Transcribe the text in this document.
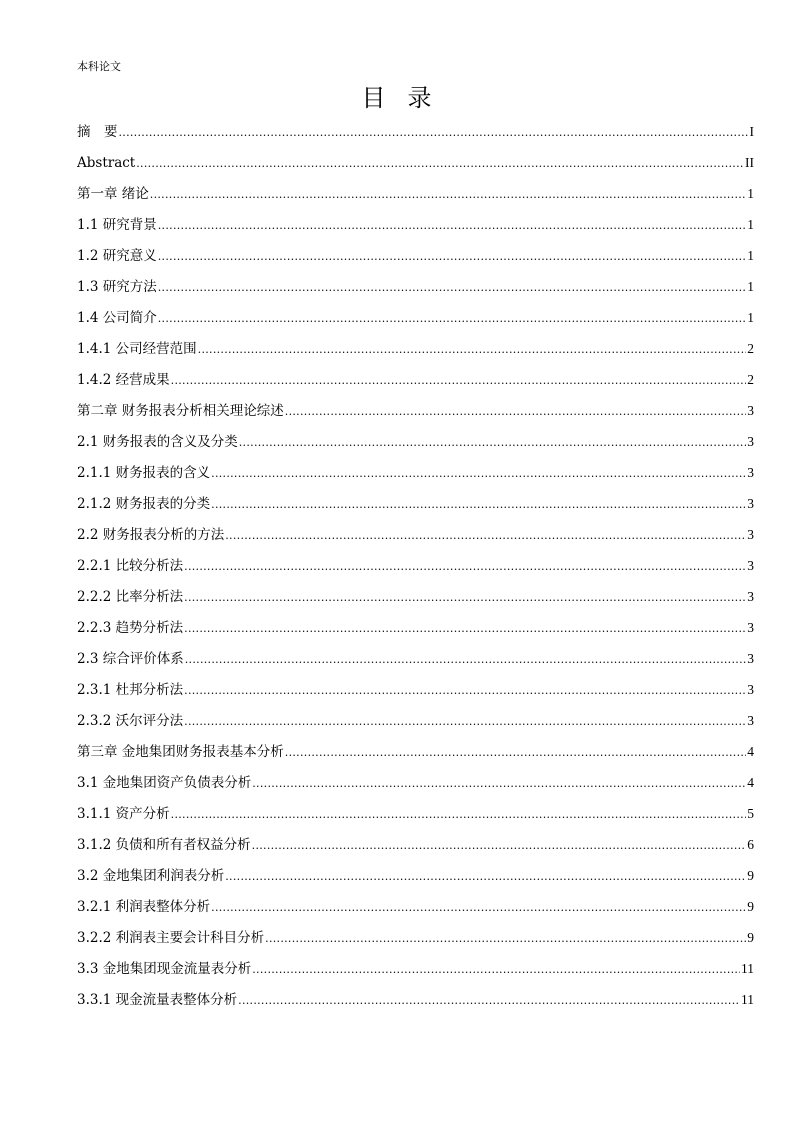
本科论文
目录
摘　要 .....	I
Abstract .....	II
第一章 绪论 .....	1
1.1 研究背景 .....	1
1.2 研究意义 .....	1
1.3 研究方法 .....	1
1.4 公司简介 .....	1
1.4.1 公司经营范围 .....	2
1.4.2 经营成果 .....	2
第二章 财务报表分析相关理论综述 .....	3
2.1 财务报表的含义及分类 .....	3
2.1.1 财务报表的含义 .....	3
2.1.2 财务报表的分类 .....	3
2.2 财务报表分析的方法 .....	3
2.2.1 比较分析法 .....	3
2.2.2 比率分析法 .....	3
2.2.3 趋势分析法 .....	3
2.3 综合评价体系 .....	3
2.3.1 杜邦分析法 .....	3
2.3.2 沃尔评分法 .....	3
第三章 金地集团财务报表基本分析 .....	4
3.1 金地集团资产负债表分析 .....	4
3.1.1 资产分析 .....	5
3.1.2 负债和所有者权益分析 .....	6
3.2 金地集团利润表分析 .....	9
3.2.1 利润表整体分析 .....	9
3.2.2 利润表主要会计科目分析 .....	9
3.3 金地集团现金流量表分析 .....	11
3.3.1 现金流量表整体分析 .....	11
